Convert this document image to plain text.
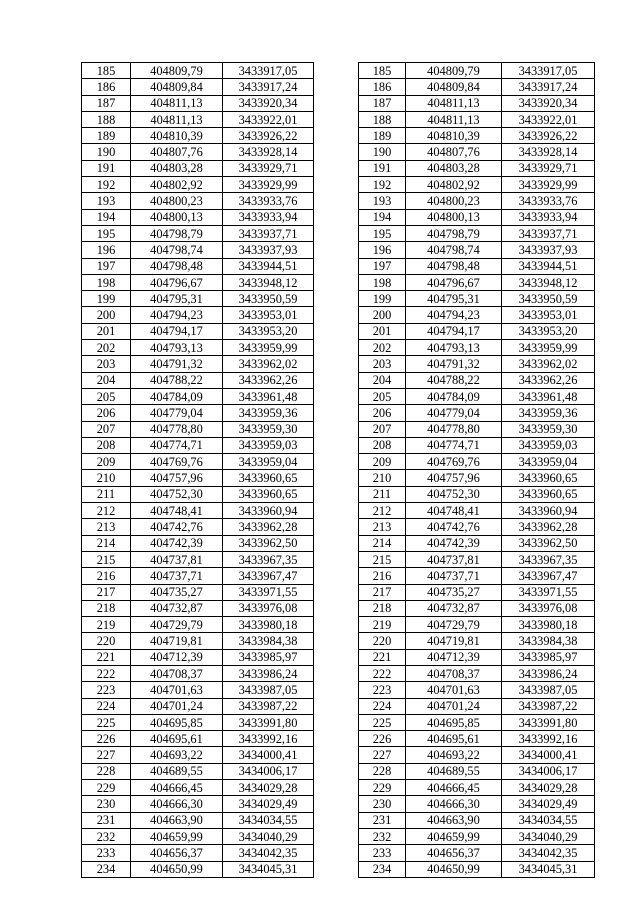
185	404809,79	3433917,05		185	404809,79	3433917,05
186	404809,84	3433917,24		186	404809,84	3433917,24
187	404811,13	3433920,34		187	404811,13	3433920,34
188	404811,13	3433922,01		188	404811,13	3433922,01
189	404810,39	3433926,22		189	404810,39	3433926,22
190	404807,76	3433928,14		190	404807,76	3433928,14
191	404803,28	3433929,71		191	404803,28	3433929,71
192	404802,92	3433929,99		192	404802,92	3433929,99
193	404800,23	3433933,76		193	404800,23	3433933,76
194	404800,13	3433933,94		194	404800,13	3433933,94
195	404798,79	3433937,71		195	404798,79	3433937,71
196	404798,74	3433937,93		196	404798,74	3433937,93
197	404798,48	3433944,51		197	404798,48	3433944,51
198	404796,67	3433948,12		198	404796,67	3433948,12
199	404795,31	3433950,59		199	404795,31	3433950,59
200	404794,23	3433953,01		200	404794,23	3433953,01
201	404794,17	3433953,20		201	404794,17	3433953,20
202	404793,13	3433959,99		202	404793,13	3433959,99
203	404791,32	3433962,02		203	404791,32	3433962,02
204	404788,22	3433962,26		204	404788,22	3433962,26
205	404784,09	3433961,48		205	404784,09	3433961,48
206	404779,04	3433959,36		206	404779,04	3433959,36
207	404778,80	3433959,30		207	404778,80	3433959,30
208	404774,71	3433959,03		208	404774,71	3433959,03
209	404769,76	3433959,04		209	404769,76	3433959,04
210	404757,96	3433960,65		210	404757,96	3433960,65
211	404752,30	3433960,65		211	404752,30	3433960,65
212	404748,41	3433960,94		212	404748,41	3433960,94
213	404742,76	3433962,28		213	404742,76	3433962,28
214	404742,39	3433962,50		214	404742,39	3433962,50
215	404737,81	3433967,35		215	404737,81	3433967,35
216	404737,71	3433967,47		216	404737,71	3433967,47
217	404735,27	3433971,55		217	404735,27	3433971,55
218	404732,87	3433976,08		218	404732,87	3433976,08
219	404729,79	3433980,18		219	404729,79	3433980,18
220	404719,81	3433984,38		220	404719,81	3433984,38
221	404712,39	3433985,97		221	404712,39	3433985,97
222	404708,37	3433986,24		222	404708,37	3433986,24
223	404701,63	3433987,05		223	404701,63	3433987,05
224	404701,24	3433987,22		224	404701,24	3433987,22
225	404695,85	3433991,80		225	404695,85	3433991,80
226	404695,61	3433992,16		226	404695,61	3433992,16
227	404693,22	3434000,41		227	404693,22	3434000,41
228	404689,55	3434006,17		228	404689,55	3434006,17
229	404666,45	3434029,28		229	404666,45	3434029,28
230	404666,30	3434029,49		230	404666,30	3434029,49
231	404663,90	3434034,55		231	404663,90	3434034,55
232	404659,99	3434040,29		232	404659,99	3434040,29
233	404656,37	3434042,35		233	404656,37	3434042,35
234	404650,99	3434045,31		234	404650,99	3434045,31
